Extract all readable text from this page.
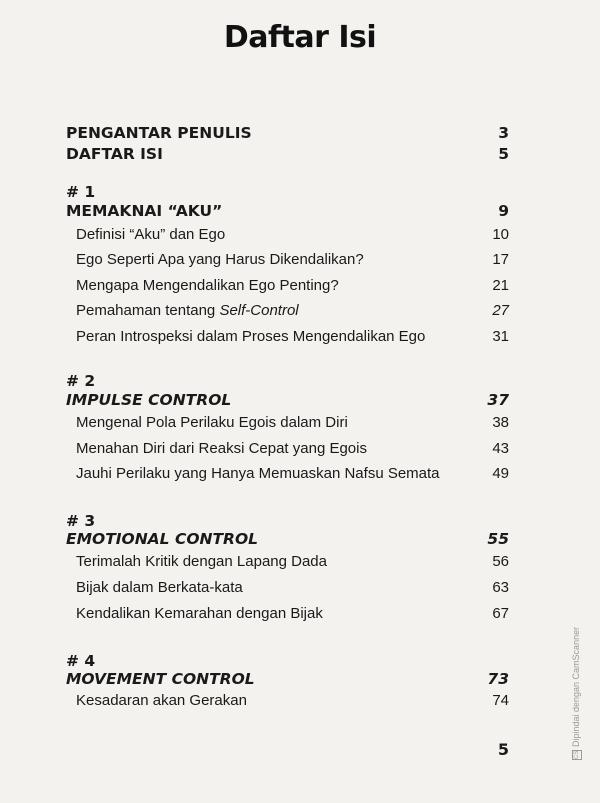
Daftar Isi
PENGANTAR PENULIS	3
DAFTAR ISI	5
# 1
MEMAKNAI “AKU”	9
Definisi “Aku” dan Ego	10
Ego Seperti Apa yang Harus Dikendalikan?	17
Mengapa Mengendalikan Ego Penting?	21
Pemahaman tentang Self-Control	27
Peran Introspeksi dalam Proses Mengendalikan Ego	31
# 2
IMPULSE CONTROL	37
Mengenal Pola Perilaku Egois dalam Diri	38
Menahan Diri dari Reaksi Cepat yang Egois	43
Jauhi Perilaku yang Hanya Memuaskan Nafsu Semata	49
# 3
EMOTIONAL CONTROL	55
Terimalah Kritik dengan Lapang Dada	56
Bijak dalam Berkata-kata	63
Kendalikan Kemarahan dengan Bijak	67
# 4
MOVEMENT CONTROL	73
Kesadaran akan Gerakan	74
5	CSDipindai dengan CamScanner
